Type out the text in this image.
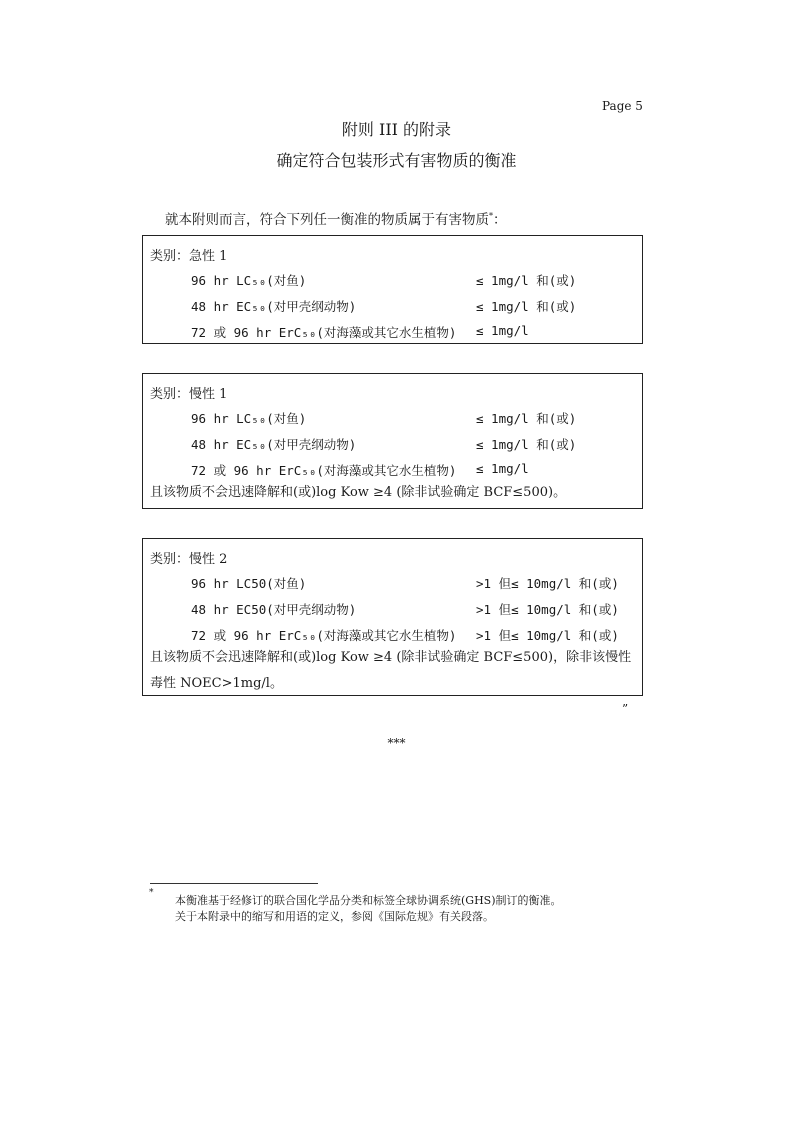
Page 5
附则 III 的附录
确定符合包装形式有害物质的衡准
就本附则而言，符合下列任一衡准的物质属于有害物质*：
类别：急性 1
96 hr LC₅₀(对鱼)	≤ 1mg/l 和(或)
48 hr EC₅₀(对甲壳纲动物)	≤ 1mg/l 和(或)
72 或 96 hr ErC₅₀(对海藻或其它水生植物) ≤ 1mg/l
类别：慢性 1
96 hr LC₅₀(对鱼)	≤ 1mg/l 和(或)
48 hr EC₅₀(对甲壳纲动物)	≤ 1mg/l 和(或)
72 或 96 hr ErC₅₀(对海藻或其它水生植物) ≤ 1mg/l
且该物质不会迅速降解和(或)log Kow ≥4 (除非试验确定 BCF≤500)。
类别：慢性 2
96 hr LC50(对鱼)	>1 但≤ 10mg/l 和(或)
48 hr EC50(对甲壳纲动物)	>1 但≤ 10mg/l 和(或)
72 或 96 hr ErC₅₀(对海藻或其它水生植物) >1 但≤ 10mg/l 和(或)
且该物质不会迅速降解和(或)log Kow ≥4 (除非试验确定 BCF≤500)，除非该慢性毒性 NOEC>1mg/l。
”
***
*
本衡准基于经修订的联合国化学品分类和标签全球协调系统(GHS)制订的衡准。
关于本附录中的缩写和用语的定义，参阅《国际危规》有关段落。
